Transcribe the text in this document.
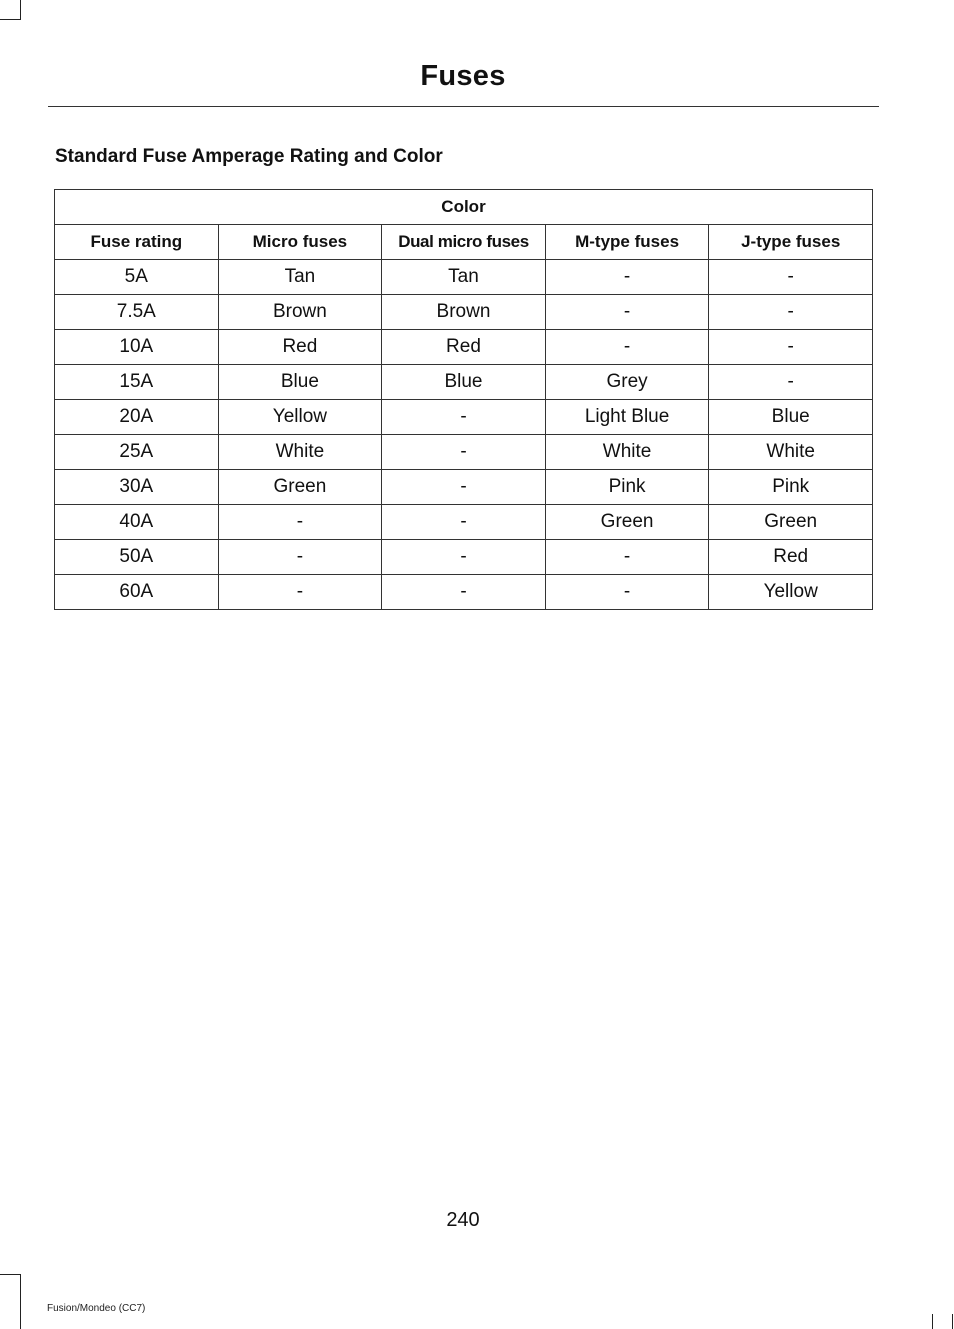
Fuses
Standard Fuse Amperage Rating and Color
Color				
Fuse rating	Micro fuses	Dual micro fuses	M-type fuses	J-type fuses
5A	Tan	Tan	-	-
7.5A	Brown	Brown	-	-
10A	Red	Red	-	-
15A	Blue	Blue	Grey	-
20A	Yellow	-	Light Blue	Blue
25A	White	-	White	White
30A	Green	-	Pink	Pink
40A	-	-	Green	Green
50A	-	-	-	Red
60A	-	-	-	Yellow
240
Fusion/Mondeo (CC7)
